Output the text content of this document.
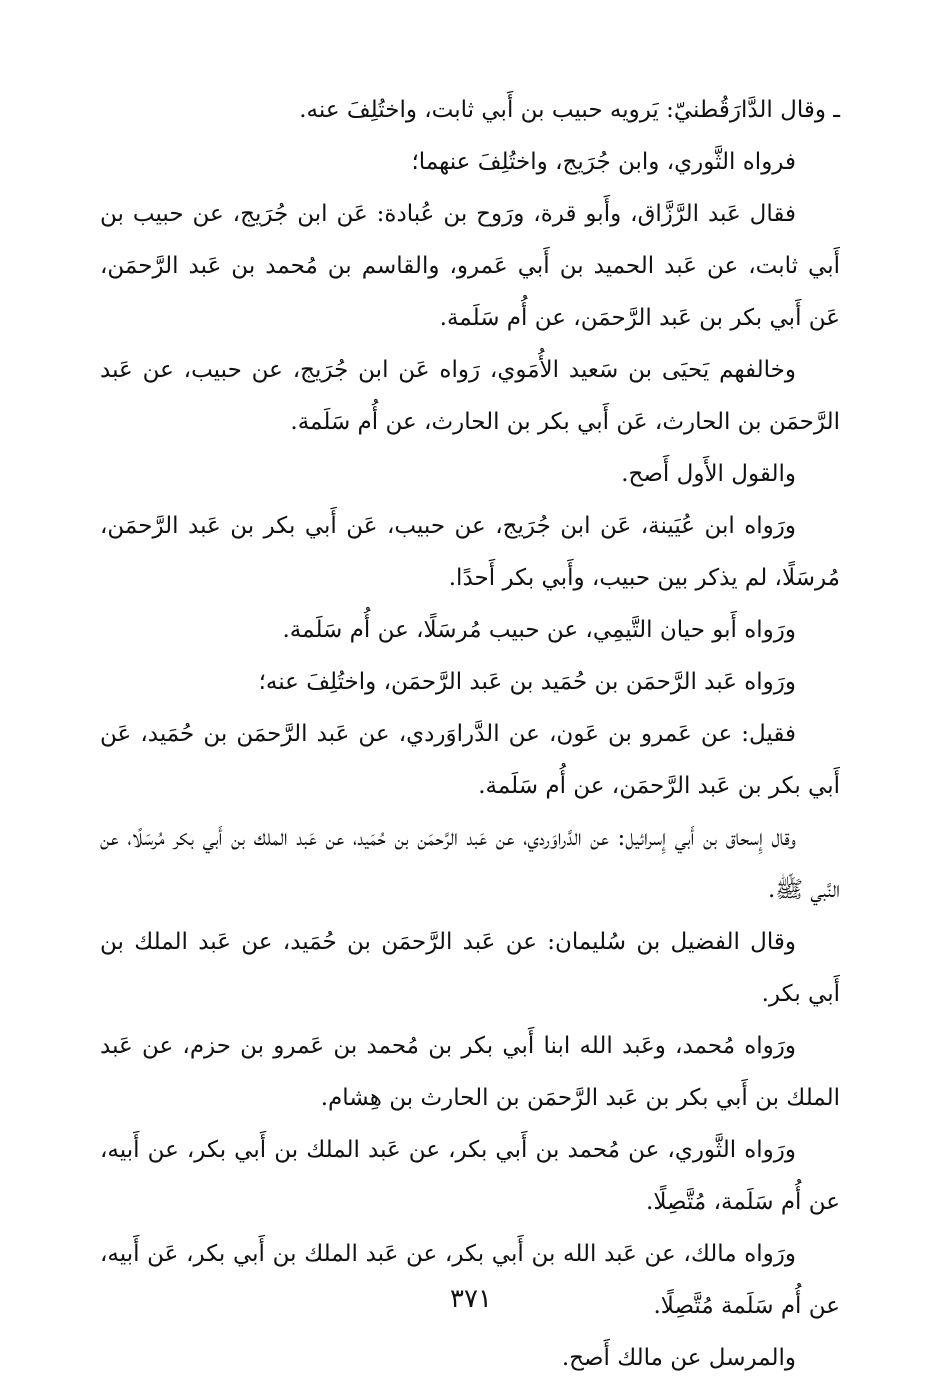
ـ وقال الدَّارَقُطنيّ: يَرويه حبيب بن أَبي ثابت، واختُلِفَ عنه.

فرواه الثَّوري، وابن جُرَيج، واختُلِفَ عنهما؛

فقال عَبد الرَّزَّاق، وأَبو قرة، ورَوح بن عُبادة: عَن ابن جُرَيج، عن حبيب بن أَبي ثابت، عن عَبد الحميد بن أَبي عَمرو، والقاسم بن مُحمد بن عَبد الرَّحمَن، عَن أَبي بكر بن عَبد الرَّحمَن، عن أُم سَلَمة.

وخالفهم يَحيَى بن سَعيد الأُمَوي، رَواه عَن ابن جُرَيج، عن حبيب، عن عَبد الرَّحمَن بن الحارث، عَن أَبي بكر بن الحارث، عن أُم سَلَمة.

والقول الأَول أَصح.

ورَواه ابن عُيَينة، عَن ابن جُرَيج، عن حبيب، عَن أَبي بكر بن عَبد الرَّحمَن، مُرسَلًا، لم يذكر بين حبيب، وأَبي بكر أَحدًا.

ورَواه أَبو حيان التَّيمِي، عن حبيب مُرسَلًا، عن أُم سَلَمة.

ورَواه عَبد الرَّحمَن بن حُمَيد بن عَبد الرَّحمَن، واختُلِفَ عنه؛

فقيل: عن عَمرو بن عَون، عن الدَّراوَردي، عن عَبد الرَّحمَن بن حُمَيد، عَن أَبي بكر بن عَبد الرَّحمَن، عن أُم سَلَمة.

وقال إِسحاق بن أَبي إِسرائيل: عن الدَّراوَردي، عن عَبد الرَّحمَن بن حُمَيد، عن عَبد الملك بن أَبي بكر مُرسَلًا، عن النَّبي ﷺ.

وقال الفضيل بن سُليمان: عن عَبد الرَّحمَن بن حُمَيد، عن عَبد الملك بن أَبي بكر.

ورَواه مُحمد، وعَبد الله ابنا أَبي بكر بن مُحمد بن عَمرو بن حزم، عن عَبد الملك بن أَبي بكر بن عَبد الرَّحمَن بن الحارث بن هِشام.

ورَواه الثَّوري، عن مُحمد بن أَبي بكر، عن عَبد الملك بن أَبي بكر، عن أَبيه، عن أُم سَلَمة، مُتَّصِلًا.

ورَواه مالك، عن عَبد الله بن أَبي بكر، عن عَبد الملك بن أَبي بكر، عَن أَبيه، عن أُم سَلَمة مُتَّصِلًا.

والمرسل عن مالك أَصح.

٣٧١
